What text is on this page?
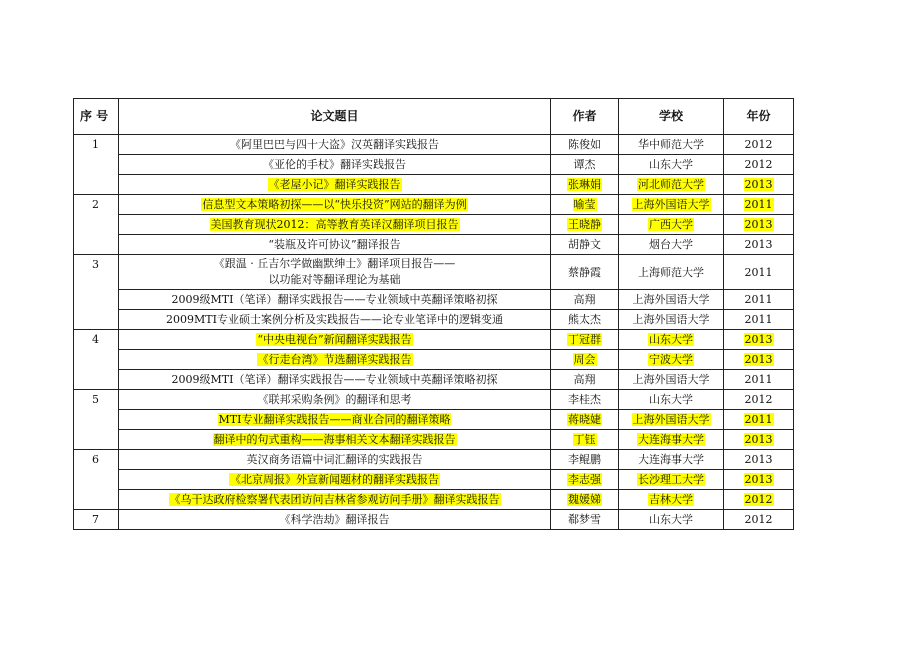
序 号	论文题目	作者	学校	年份
1	《阿里巴巴与四十大盗》汉英翻译实践报告	陈俊如	华中师范大学	2012
	《亚伦的手杖》翻译实践报告	谭杰	山东大学	2012
	《老屋小记》翻译实践报告	张琳娟	河北师范大学	2013
2	信息型文本策略初探——以“快乐投资”网站的翻译为例	喻莹	上海外国语大学	2011
	美国教育现状2012：高等教育英译汉翻译项目报告	王晓静	广西大学	2013
	“装瓶及许可协议”翻译报告	胡静文	烟台大学	2013
3	《跟温 · 丘吉尔学做幽默绅士》翻译项目报告——
以功能对等翻译理论为基础	蔡静霞	上海师范大学	2011
	2009级MTI（笔译）翻译实践报告——专业领域中英翻译策略初探	高翔	上海外国语大学	2011
	2009MTI专业硕士案例分析及实践报告——论专业笔译中的逻辑变通	熊太杰	上海外国语大学	2011
4	“中央电视台”新闻翻译实践报告	丁冠群	山东大学	2013
	《行走台湾》节选翻译实践报告	周会	宁波大学	2013
	2009级MTI（笔译）翻译实践报告——专业领域中英翻译策略初探	高翔	上海外国语大学	2011
5	《联邦采购条例》的翻译和思考	李桂杰	山东大学	2012
	MTI专业翻译实践报告——商业合同的翻译策略	蒋晓婕	上海外国语大学	2011
	翻译中的句式重构——海事相关文本翻译实践报告	丁钰	大连海事大学	2013
6	英汉商务语篇中词汇翻译的实践报告	李鲲鹏	大连海事大学	2013
	《北京周报》外宣新闻题材的翻译实践报告	李志强	长沙理工大学	2013
	《乌干达政府检察署代表团访问吉林省参观访问手册》翻译实践报告	魏媛娣	吉林大学	2012
7	《科学浩劫》翻译报告	郗梦雪	山东大学	2012
